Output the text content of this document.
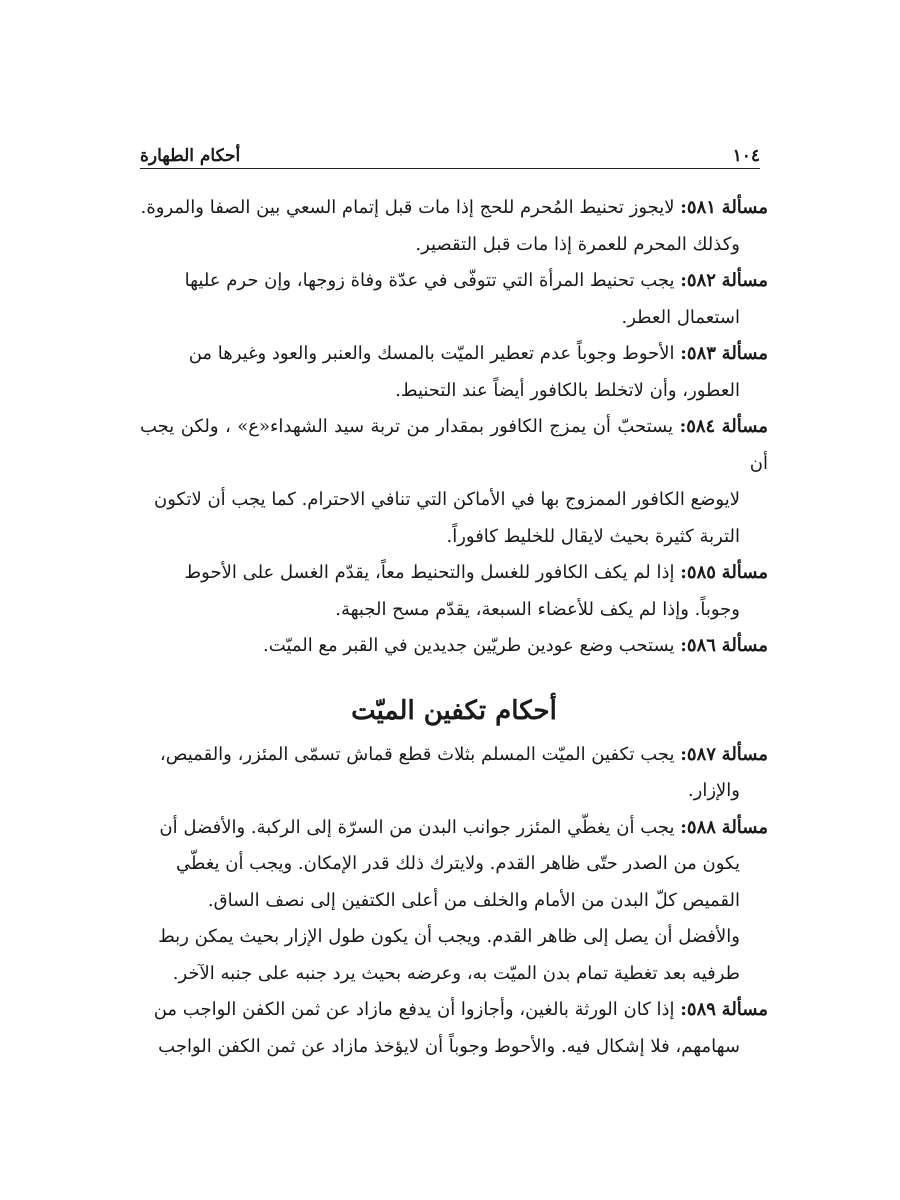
١٠٤
أحكام الطهارة
مسألة ٥٨١: لايجوز تحنيط المُحرم للحج إذا مات قبل إتمام السعي بين الصفا والمروة.
وكذلك المحرم للعمرة إذا مات قبل التقصير.
مسألة ٥٨٢: يجب تحنيط المرأة التي تتوفّى في عدّة وفاة زوجها، وإن حرم عليها
استعمال العطر.
مسألة ٥٨٣: الأحوط وجوباً عدم تعطير الميّت بالمسك والعنبر والعود وغيرها من
العطور، وأن لاتخلط بالكافور أيضاً عند التحنيط.
مسألة ٥٨٤: يستحبّ أن يمزج الكافور بمقدار من تربة سيد الشهداء«ع» ، ولكن يجب أن
لايوضع الكافور الممزوج بها في الأماكن التي تنافي الاحترام. كما يجب أن لاتكون
التربة كثيرة بحيث لايقال للخليط كافوراً.
مسألة ٥٨٥: إذا لم يكف الكافور للغسل والتحنيط معاً، يقدّم الغسل على الأحوط
وجوباً. وإذا لم يكف للأعضاء السبعة، يقدّم مسح الجبهة.
مسألة ٥٨٦: يستحب وضع عودين طريّين جديدين في القبر مع الميّت.
أحكام تكفين الميّت
مسألة ٥٨٧: يجب تكفين الميّت المسلم بثلاث قطع قماش تسمّى المئزر، والقميص،
والإزار.
مسألة ٥٨٨: يجب أن يغطّي المئزر جوانب البدن من السرّة إلى الركبة. والأفضل أن
يكون من الصدر حتّى ظاهر القدم. ولايترك ذلك قدر الإمكان. ويجب أن يغطّي
القميص كلّ البدن من الأمام والخلف من أعلى الكتفين إلى نصف الساق.
والأفضل أن يصل إلى ظاهر القدم. ويجب أن يكون طول الإزار بحيث يمكن ربط
طرفيه بعد تغطية تمام بدن الميّت به، وعرضه بحيث يرد جنبه على جنبه الآخر.
مسألة ٥٨٩: إذا كان الورثة بالغين، وأجازوا أن يدفع مازاد عن ثمن الكفن الواجب من
سهامهم، فلا إشكال فيه. والأحوط وجوباً أن لايؤخذ مازاد عن ثمن الكفن الواجب
